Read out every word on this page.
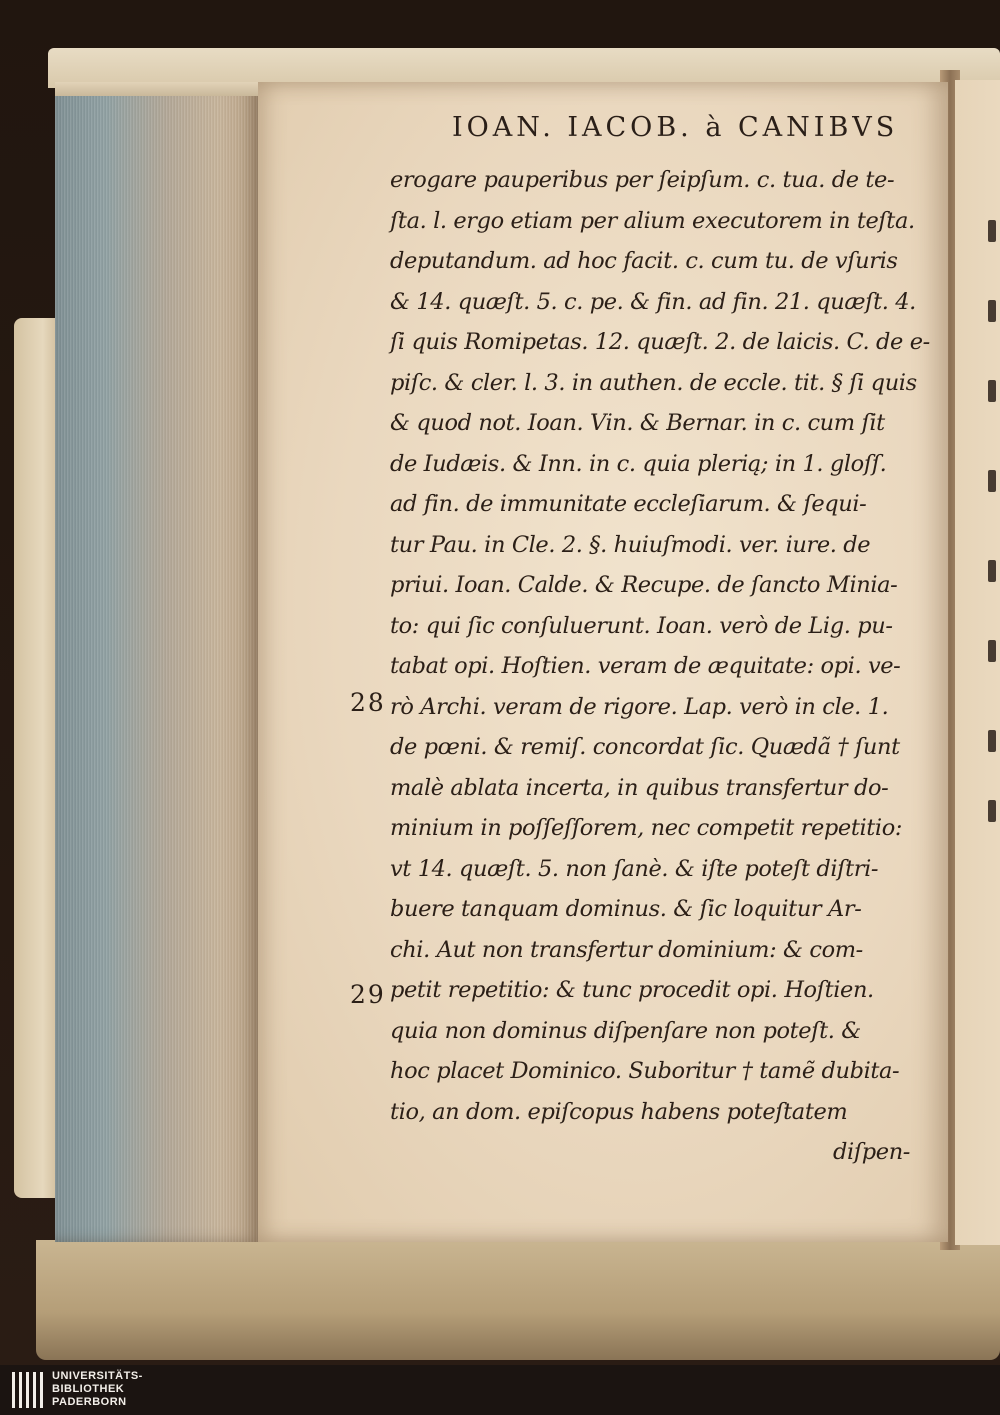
IOAN. IACOB. à CANIBVS
erogare pauperibus per ſeipſum. c. tua. de te-
ſta. l. ergo etiam per alium executorem in teſta.
deputandum. ad hoc facit. c. cum tu. de vſuris
& 14. quæſt. 5. c. pe. & fin. ad fin. 21. quæſt. 4.
ſi quis Romipetas. 12. quæſt. 2. de laicis. C. de e-
piſc. & cler. l. 3. in authen. de eccle. tit. § ſi quis
& quod not. Ioan. Vin. & Bernar. in c. cum ſit
de Iudæis. & Inn. in c. quia plerią; in 1. gloſſ.
ad fin. de immunitate eccleſiarum. & ſequi-
tur Pau. in Cle. 2. §. huiuſmodi. ver. iure. de
priui. Ioan. Calde. & Recupe. de ſancto Minia-
to: qui ſic conſuluerunt. Ioan. verò de Lig. pu-
tabat opi. Hoſtien. veram de æquitate: opi. ve-
rò Archi. veram de rigore. Lap. verò in cle. 1.
de pœni. & remiſ. concordat ſic. Quædã † ſunt
malè ablata incerta, in quibus transfertur do-
minium in poſſeſſorem, nec competit repetitio:
vt 14. quæſt. 5. non ſanè. & iſte poteſt diſtri-
buere tanquam dominus. & ſic loquitur Ar-
chi. Aut non transfertur dominium: & com-
petit repetitio: & tunc procedit opi. Hoſtien.
quia non dominus diſpenſare non poteſt. &
hoc placet Dominico. Suboritur † tamẽ dubita-
tio, an dom. epiſcopus habens poteſtatem
diſpen-
28
29
UNIVERSITÄTS-
BIBLIOTHEK
PADERBORN
